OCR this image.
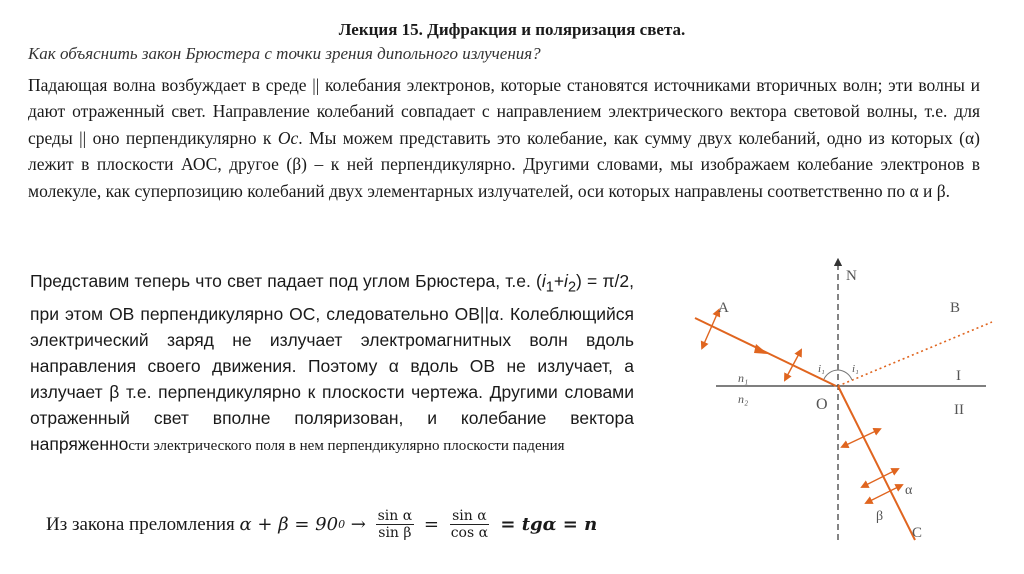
Лекция 15. Дифракция и поляризация света.
Как объяснить закон Брюстера с точки зрения дипольного излучения?
Падающая волна возбуждает в среде || колебания электронов, которые становятся источниками вторичных волн; эти волны и дают отраженный свет. Направление колебаний совпадает с направлением электрического вектора световой волны, т.е. для среды || оно перпендикулярно к Oc. Мы можем представить это колебание, как сумму двух колебаний, одно из которых (α) лежит в плоскости АОС, другое (β) – к ней перпендикулярно. Другими словами, мы изображаем колебание электронов в молекуле, как суперпозицию колебаний двух элементарных излучателей, оси которых направлены соответственно по α и β.
Представим теперь что свет падает под углом Брюстера, т.е. $(i_1+i_2) = \pi/2$, при этом ОВ перпендикулярно ОС, следовательно ОВ||α. Колеблющийся электрический заряд не излучает электромагнитных волн вдоль направления своего движения. Поэтому α вдоль ОВ не излучает, а излучает β т.е. перпендикулярно к плоскости чертежа. Другими словами отраженный свет вполне поляризован, и колебание вектора напряженности электрического поля в нем перпендикулярно плоскости падения
Из закона преломления α + β = 90 $0 \to \frac{\text{sin α}}{\text{sin β}} = \frac{\text{sin α}}{\text{cos α}} = tg\alpha = n$
N
A	B
C
O
I
II
n₁
n₂
i₁ i₁
α
β
